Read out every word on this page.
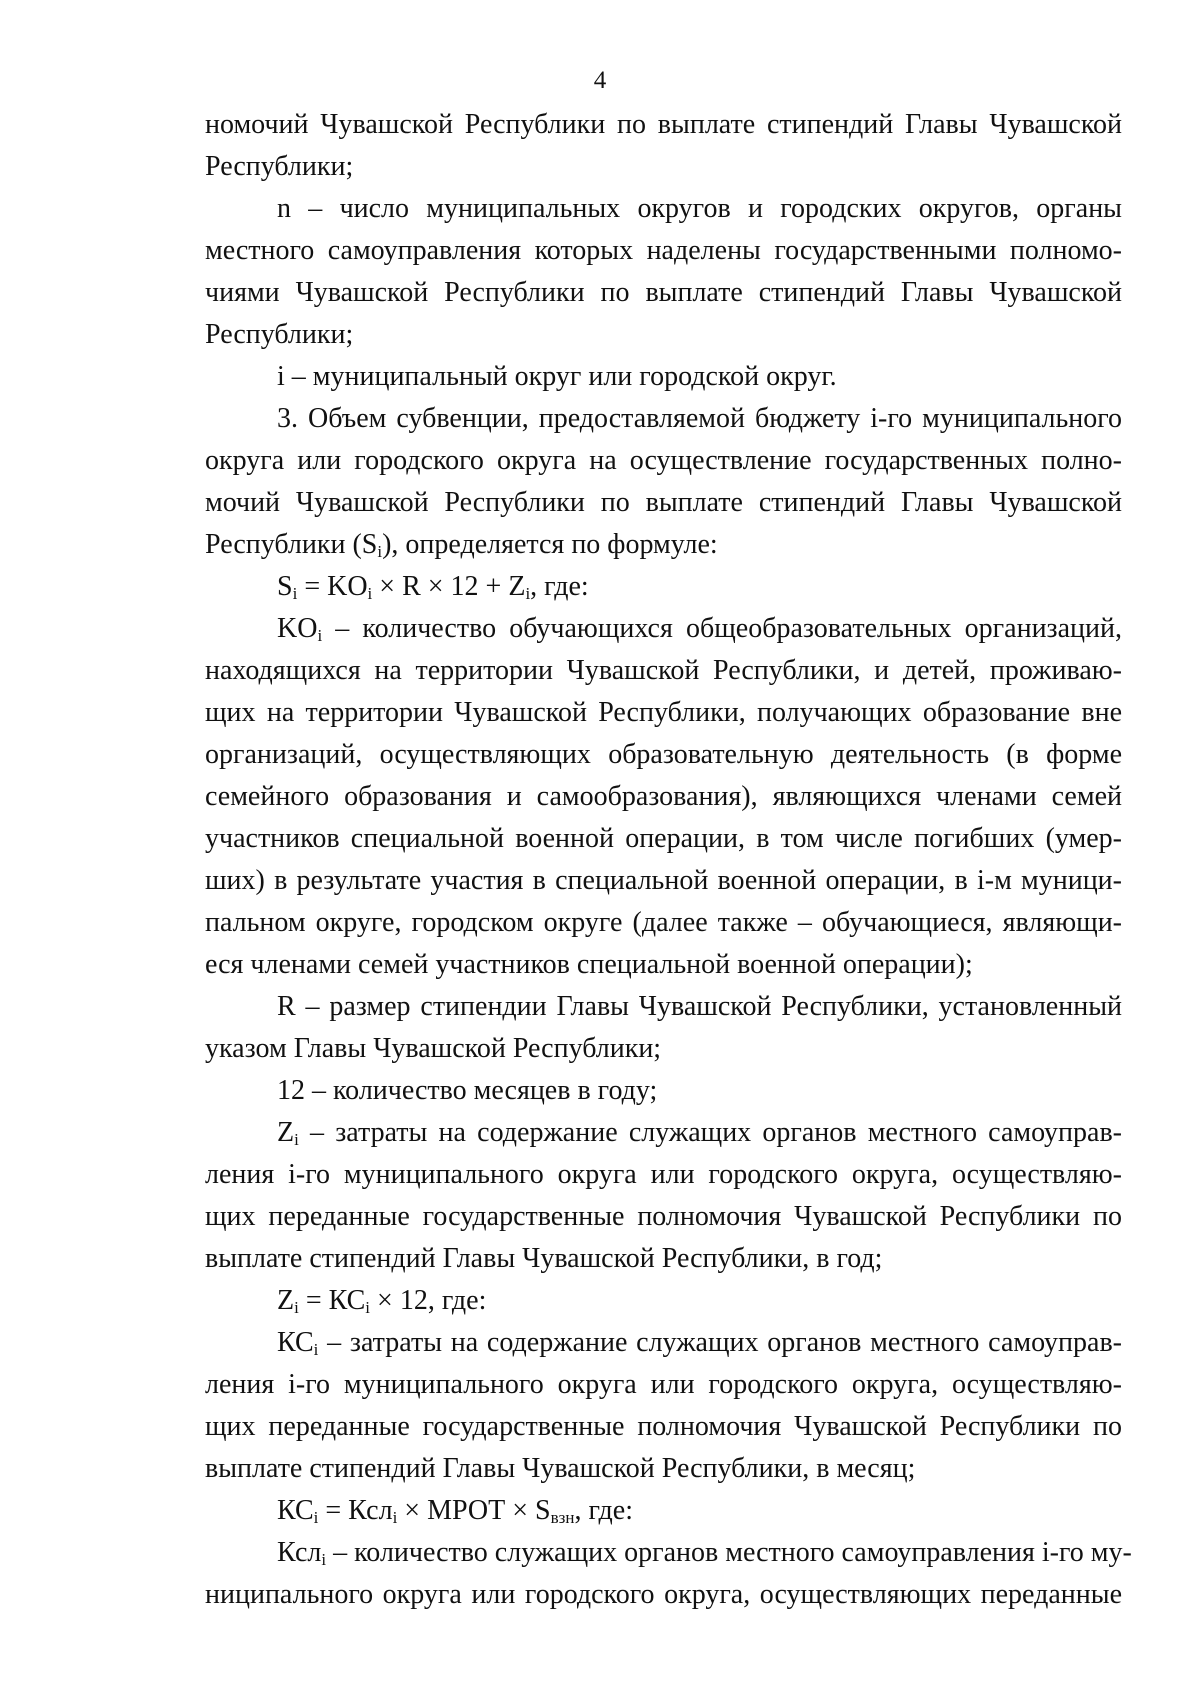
4
номочий Чувашской Республики по выплате стипендий Главы Чувашской
Республики;
n – число муниципальных округов и городских округов, органы
местного самоуправления которых наделены государственными полномо-
чиями Чувашской Республики по выплате стипендий Главы Чувашской
Республики;
i – муниципальный округ или городской округ.
3. Объем субвенции, предоставляемой бюджету i-го муниципального
округа или городского округа на осуществление государственных полно-
мочий Чувашской Республики по выплате стипендий Главы Чувашской
Республики $(S_i)$, определяется по формуле:
$S_i = KO_i \times R \times 12 + Z_i$, где:
$KO_i$ – количество обучающихся общеобразовательных организаций,
находящихся на территории Чувашской Республики, и детей, проживаю-
щих на территории Чувашской Республики, получающих образование вне
организаций, осуществляющих образовательную деятельность (в форме
семейного образования и самообразования), являющихся членами семей
участников специальной военной операции, в том числе погибших (умер-
ших) в результате участия в специальной военной операции, в i-м муници-
пальном округе, городском округе (далее также – обучающиеся, являющи-
еся членами семей участников специальной военной операции);
R – размер стипендии Главы Чувашской Республики, установленный
указом Главы Чувашской Республики;
12 – количество месяцев в году;
$Z_i$ – затраты на содержание служащих органов местного самоуправ-
ления i-го муниципального округа или городского округа, осуществляю-
щих переданные государственные полномочия Чувашской Республики по
выплате стипендий Главы Чувашской Республики, в год;
$Z_i = КС_i \times 12$, где:
$КС_i$ – затраты на содержание служащих органов местного самоуправ-
ления i-го муниципального округа или городского округа, осуществляю-
щих переданные государственные полномочия Чувашской Республики по
выплате стипендий Главы Чувашской Республики, в месяц;
$КС_i = Ксл_i$ × МРОТ × $S_{взн}$, где:
Ксл$_i$ – количество служащих органов местного самоуправления i-го му-
ниципального округа или городского округа, осуществляющих переданные
